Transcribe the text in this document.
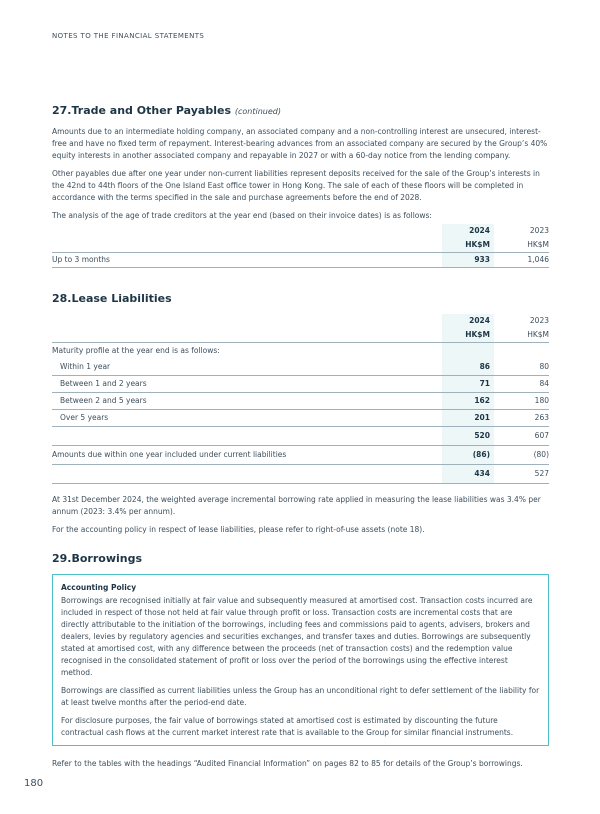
NOTES TO THE FINANCIAL STATEMENTS
27.Trade and Other Payables (continued)

Amounts due to an intermediate holding company, an associated company and a non-controlling interest are unsecured, interest-free and have no fixed term of repayment. Interest-bearing advances from an associated company are secured by the Group’s 40% equity interests in another associated company and repayable in 2027 or with a 60-day notice from the lending company.

Other payables due after one year under non-current liabilities represent deposits received for the sale of the Group’s interests in the 42nd to 44th floors of the One Island East office tower in Hong Kong. The sale of each of these floors will be completed in accordance with the terms specified in the sale and purchase agreements before the end of 2028.

The analysis of the age of trade creditors at the year end (based on their invoice dates) is as follows:

2024	2023
HK$M	HK$M
Up to 3 months	933	1,046
28.Lease Liabilities
2024	2023
HK$M	HK$M
Maturity profile at the year end is as follows:
Within 1 year	86	80
Between 1 and 2 years	71	84
Between 2 and 5 years	162	180
Over 5 years	201	263
520	607
Amounts due within one year included under current liabilities	(86)	(80)
434	527

At 31st December 2024, the weighted average incremental borrowing rate applied in measuring the lease liabilities was 3.4% per annum (2023: 3.4% per annum).

For the accounting policy in respect of lease liabilities, please refer to right-of-use assets (note 18).

29.Borrowings
Accounting Policy

Borrowings are recognised initially at fair value and subsequently measured at amortised cost. Transaction costs incurred are included in respect of those not held at fair value through profit or loss. Transaction costs are incremental costs that are directly attributable to the initiation of the borrowings, including fees and commissions paid to agents, advisers, brokers and dealers, levies by regulatory agencies and securities exchanges, and transfer taxes and duties. Borrowings are subsequently stated at amortised cost, with any difference between the proceeds (net of transaction costs) and the redemption value recognised in the consolidated statement of profit or loss over the period of the borrowings using the effective interest method.

Borrowings are classified as current liabilities unless the Group has an unconditional right to defer settlement of the liability for at least twelve months after the period-end date.

For disclosure purposes, the fair value of borrowings stated at amortised cost is estimated by discounting the future contractual cash flows at the current market interest rate that is available to the Group for similar financial instruments.

Refer to the tables with the headings “Audited Financial Information” on pages 82 to 85 for details of the Group’s borrowings.

180
